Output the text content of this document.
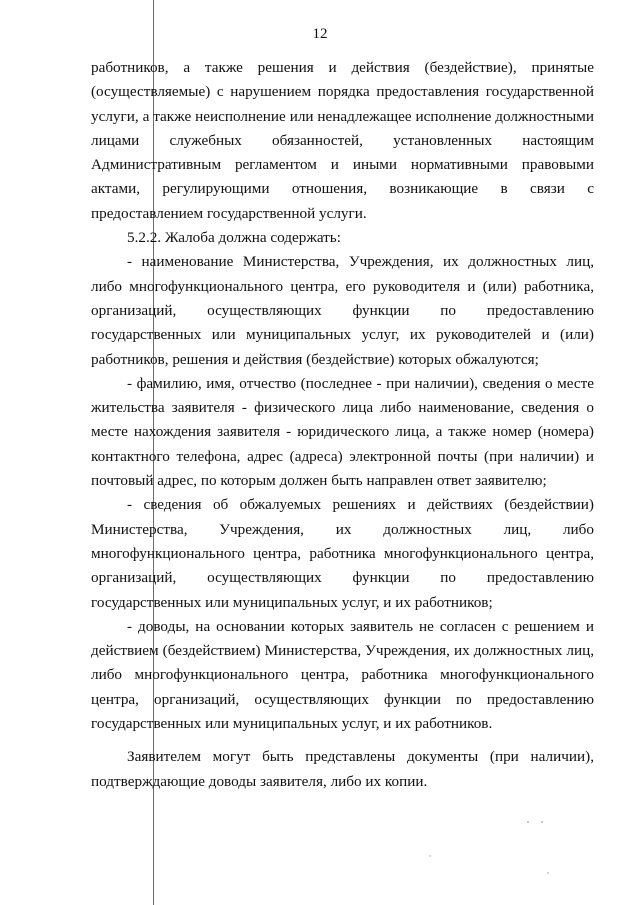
12

работников, а также решения и действия (бездействие), принятые (осуществляемые) с нарушением порядка предоставления государственной услуги, а также неисполнение или ненадлежащее исполнение должностными лицами служебных обязанностей, установленных настоящим Административным регламентом и иными нормативными правовыми актами, регулирующими отношения, возникающие в связи с предоставлением государственной услуги.

5.2.2. Жалоба должна содержать:

- наименование Министерства, Учреждения, их должностных лиц, либо многофункционального центра, его руководителя и (или) работника, организаций, осуществляющих функции по предоставлению государственных или муниципальных услуг, их руководителей и (или) работников, решения и действия (бездействие) которых обжалуются;

- фамилию, имя, отчество (последнее - при наличии), сведения о месте жительства заявителя - физического лица либо наименование, сведения о месте нахождения заявителя - юридического лица, а также номер (номера) контактного телефона, адрес (адреса) электронной почты (при наличии) и почтовый адрес, по которым должен быть направлен ответ заявителю;

- сведения об обжалуемых решениях и действиях (бездействии) Министерства, Учреждения, их должностных лиц, либо многофункционального центра, работника многофункционального центра, организаций, осуществляющих функции по предоставлению государственных или муниципальных услуг, и их работников;

- доводы, на основании которых заявитель не согласен с решением и действием (бездействием) Министерства, Учреждения, их должностных лиц, либо многофункционального центра, работника многофункционального центра, организаций, осуществляющих функции по предоставлению государственных или муниципальных услуг, и их работников.

Заявителем могут быть представлены документы (при наличии), подтверждающие доводы заявителя, либо их копии.
